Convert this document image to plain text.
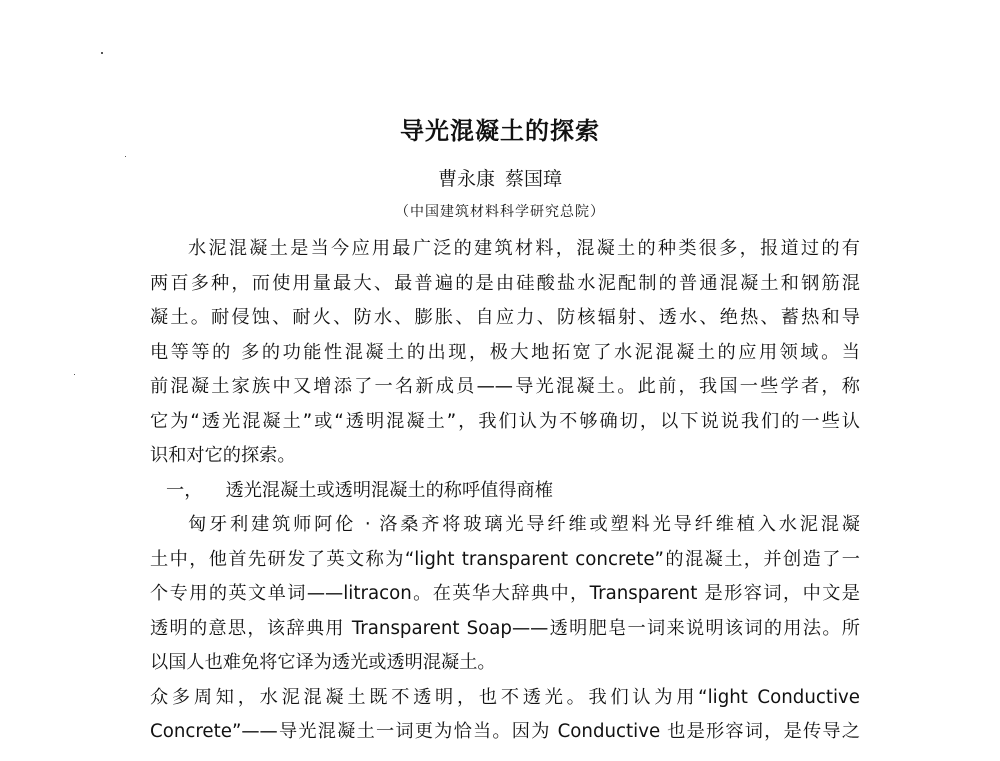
导光混凝土的探索
曹永康 蔡国璋
（中国建筑材料科学研究总院）
水泥混凝土是当今应用最广泛的建筑材料，混凝土的种类很多，报道过的有
两百多种，而使用量最大、最普遍的是由硅酸盐水泥配制的普通混凝土和钢筋混
凝土。耐侵蚀、耐火、防水、膨胀、自应力、防核辐射、透水、绝热、蓄热和导
电等等的 多的功能性混凝土的出现，极大地拓宽了水泥混凝土的应用领域。当
前混凝土家族中又增添了一名新成员——导光混凝土。此前，我国一些学者，称
它为“透光混凝土”或“透明混凝土”，我们认为不够确切，以下说说我们的一些认
识和对它的探索。
一，    透光混凝土或透明混凝土的称呼值得商榷
匈牙利建筑师阿伦 · 洛桑齐将玻璃光导纤维或塑料光导纤维植入水泥混凝
土中，他首先研发了英文称为“light transparent concrete”的混凝土，并创造了一
个专用的英文单词——litracon。在英华大辞典中，Transparent 是形容词，中文是
透明的意思，该辞典用 Transparent Soap——透明肥皂一词来说明该词的用法。所
以国人也难免将它译为透光或透明混凝土。
众多周知，水泥混凝土既不透明，也不透光。我们认为用“light Conductive
Concrete”——导光混凝土一词更为恰当。因为 Conductive 也是形容词，是传导之
